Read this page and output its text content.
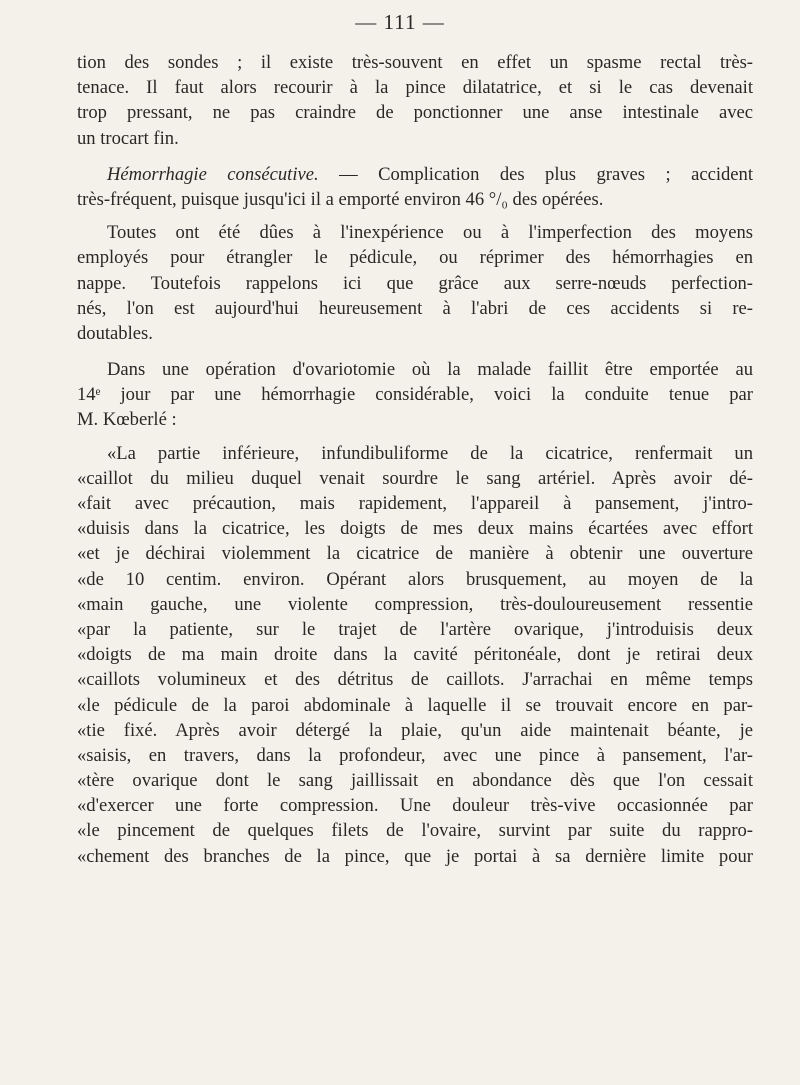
— 111 —
tion des sondes ; il existe très-souvent en effet un spasme rectal très-
tenace. Il faut alors recourir à la pince dilatatrice, et si le cas devenait
trop pressant, ne pas craindre de ponctionner une anse intestinale avec
un trocart fin.
Hémorrhagie consécutive. — Complication des plus graves ; accident
très-fréquent, puisque jusqu'ici il a emporté environ 46 °/₀ des opérées.
Toutes ont été dûes à l'inexpérience ou à l'imperfection des moyens
employés pour étrangler le pédicule, ou réprimer des hémorrhagies en
nappe. Toutefois rappelons ici que grâce aux serre-nœuds perfection-
nés, l'on est aujourd'hui heureusement à l'abri de ces accidents si re-
doutables.
Dans une opération d'ovariotomie où la malade faillit être emportée au
14ᵉ jour par une hémorrhagie considérable, voici la conduite tenue par
M. Kœberlé :
«La partie inférieure, infundibuliforme de la cicatrice, renfermait un
«caillot du milieu duquel venait sourdre le sang artériel. Après avoir dé-
«fait avec précaution, mais rapidement, l'appareil à pansement, j'intro-
«duisis dans la cicatrice, les doigts de mes deux mains écartées avec effort
«et je déchirai violemment la cicatrice de manière à obtenir une ouverture
«de 10 centim. environ. Opérant alors brusquement, au moyen de la
«main gauche, une violente compression, très-douloureusement ressentie
«par la patiente, sur le trajet de l'artère ovarique, j'introduisis deux
«doigts de ma main droite dans la cavité péritonéale, dont je retirai deux
«caillots volumineux et des détritus de caillots. J'arrachai en même temps
«le pédicule de la paroi abdominale à laquelle il se trouvait encore en par-
«tie fixé. Après avoir détergé la plaie, qu'un aide maintenait béante, je
«saisis, en travers, dans la profondeur, avec une pince à pansement, l'ar-
«tère ovarique dont le sang jaillissait en abondance dès que l'on cessait
«d'exercer une forte compression. Une douleur très-vive occasionnée par
«le pincement de quelques filets de l'ovaire, survint par suite du rappro-
«chement des branches de la pince, que je portai à sa dernière limite pour
